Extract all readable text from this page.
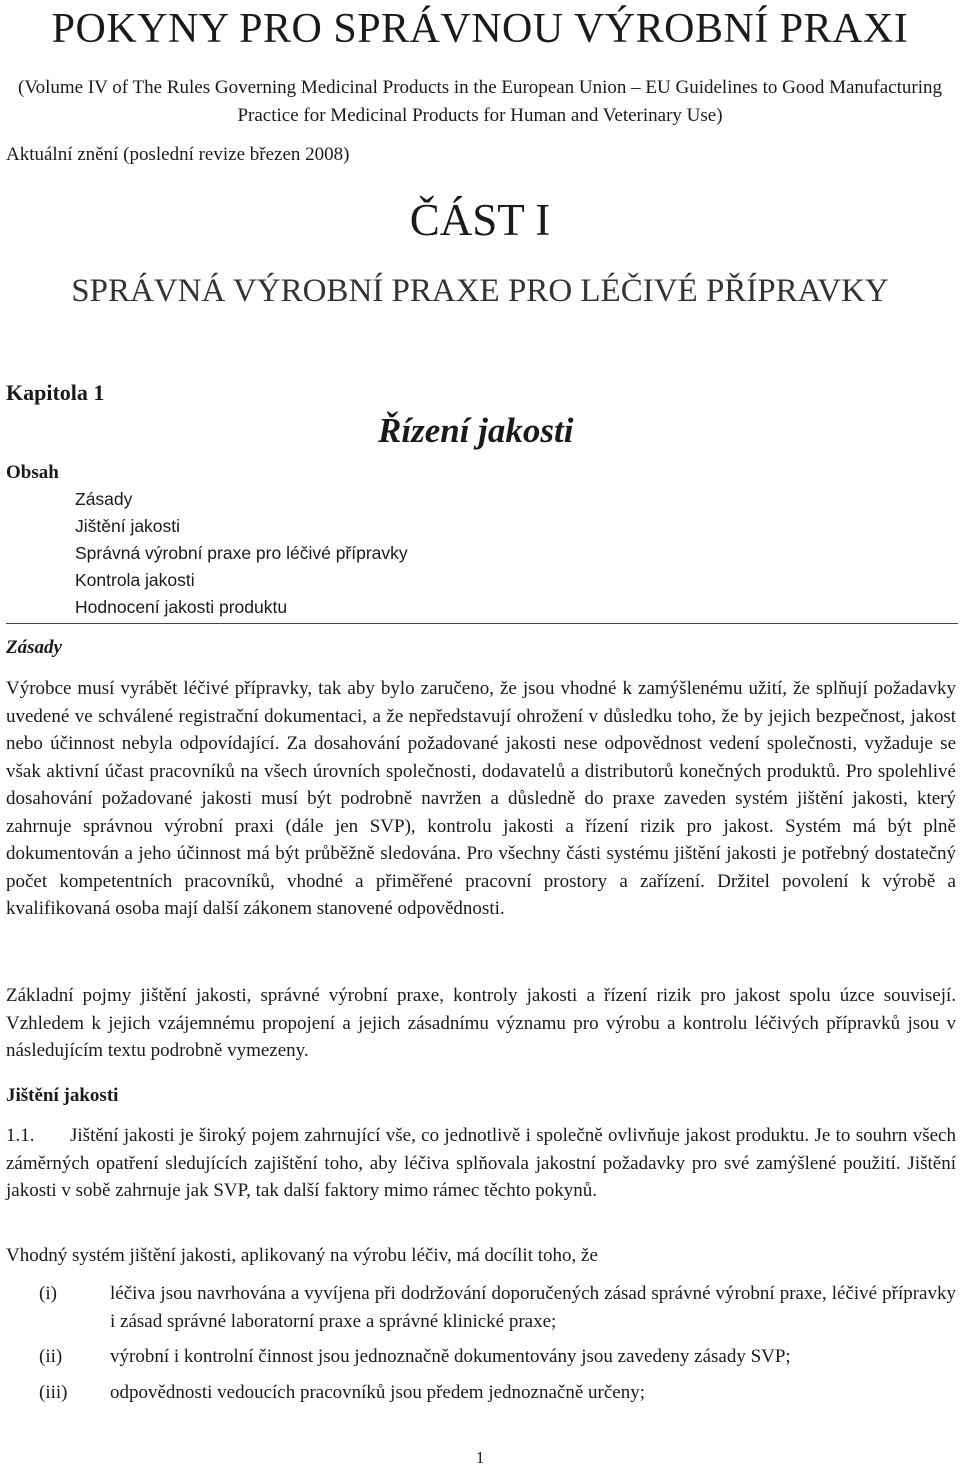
POKYNY PRO SPRÁVNOU VÝROBNÍ PRAXI
(Volume IV of The Rules Governing Medicinal Products in the European Union – EU Guidelines to Good Manufacturing Practice for Medicinal Products for Human and Veterinary Use)
Aktuální znění (poslední revize březen 2008)
ČÁST I
SPRÁVNÁ VÝROBNÍ PRAXE PRO LÉČIVÉ PŘÍPRAVKY
Kapitola 1
Řízení jakosti
Obsah
Zásady
Jištění jakosti
Správná výrobní praxe pro léčivé přípravky
Kontrola jakosti
Hodnocení jakosti produktu
Zásady

Výrobce musí vyrábět léčivé přípravky, tak aby bylo zaručeno, že jsou vhodné k zamýšlenému užití, že splňují požadavky uvedené ve schválené registrační dokumentaci, a že nepředstavují ohrožení v důsledku toho, že by jejich bezpečnost, jakost nebo účinnost nebyla odpovídající. Za dosahování požadované jakosti nese odpovědnost vedení společnosti, vyžaduje se však aktivní účast pracovníků na všech úrovních společnosti, dodavatelů a distributorů konečných produktů. Pro spolehlivé dosahování požadované jakosti musí být podrobně navržen a důsledně do praxe zaveden systém jištění jakosti, který zahrnuje správnou výrobní praxi (dále jen SVP), kontrolu jakosti a řízení rizik pro jakost. Systém má být plně dokumentován a jeho účinnost má být průběžně sledována. Pro všechny části systému jištění jakosti je potřebný dostatečný počet kompetentních pracovníků, vhodné a přiměřené pracovní prostory a zařízení. Držitel povolení k výrobě a kvalifikovaná osoba mají další zákonem stanovené odpovědnosti.

Základní pojmy jištění jakosti, správné výrobní praxe, kontroly jakosti a řízení rizik pro jakost spolu úzce souvisejí. Vzhledem k jejich vzájemnému propojení a jejich zásadnímu významu pro výrobu a kontrolu léčivých přípravků jsou v následujícím textu podrobně vymezeny.

Jištění jakosti

1.1. Jištění jakosti je široký pojem zahrnující vše, co jednotlivě i společně ovlivňuje jakost produktu. Je to souhrn všech záměrných opatření sledujících zajištění toho, aby léčiva splňovala jakostní požadavky pro své zamýšlené použití. Jištění jakosti v sobě zahrnuje jak SVP, tak další faktory mimo rámec těchto pokynů.

Vhodný systém jištění jakosti, aplikovaný na výrobu léčiv, má docílit toho, že

(i)	léčiva jsou navrhována a vyvíjena při dodržování doporučených zásad správné výrobní praxe, léčivé přípravky i zásad správné laboratorní praxe a správné klinické praxe;
(ii)	výrobní i kontrolní činnost jsou jednoznačně dokumentovány jsou zavedeny zásady SVP;
(iii) odpovědnosti vedoucích pracovníků jsou předem jednoznačně určeny;
1
